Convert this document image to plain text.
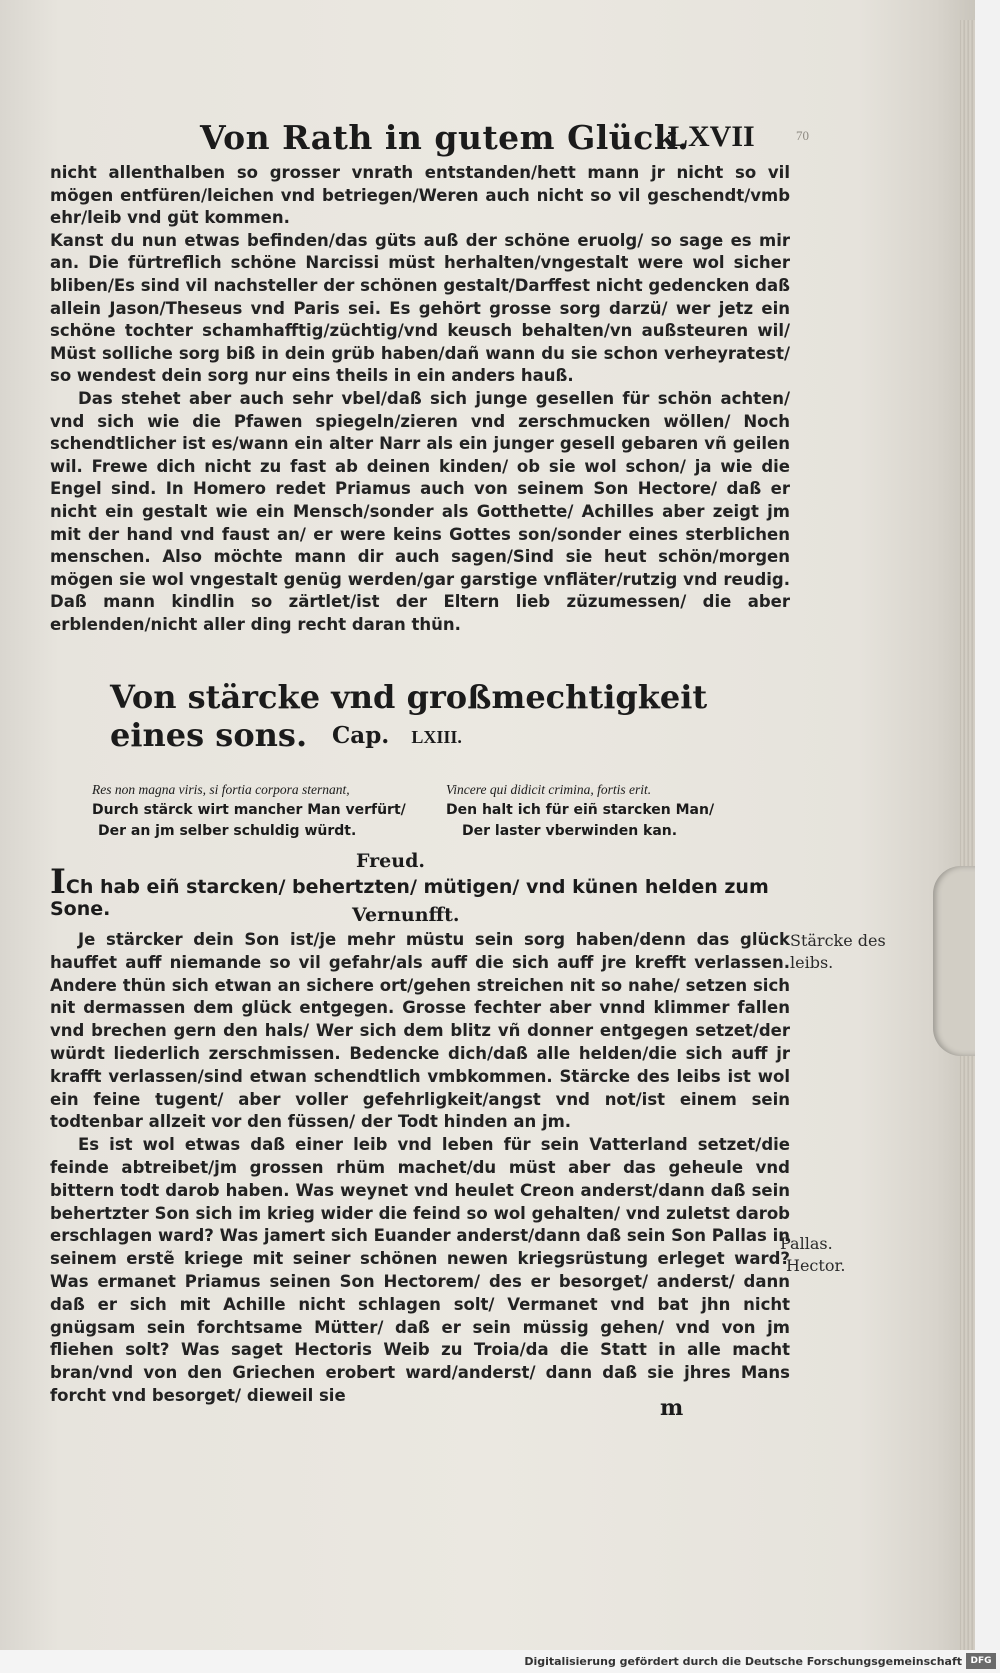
Von Rath in gutem Glück.
LXVII	70

nicht allenthalben so grosser vnrath entstanden/hett mann jr nicht so vil mögen entfüren/leichen vnd betriegen/Weren auch nicht so vil geschendt/vmb ehr/leib vnd güt kommen.

Kanst du nun etwas befinden/das güts auß der schöne eruolg/ so sage es mir an. Die fürtreflich schöne Narcissi müst herhalten/vngestalt were wol sicher bliben/Es sind vil nachsteller der schönen gestalt/Darffest nicht gedencken daß allein Jason/Theseus vnd Paris sei. Es gehört grosse sorg darzü/ wer jetz ein schöne tochter schamhafftig/züchtig/vnd keusch behalten/vn außsteuren wil/ Müst solliche sorg biß in dein grüb haben/dañ wann du sie schon verheyratest/ so wendest dein sorg nur eins theils in ein anders hauß.

Das stehet aber auch sehr vbel/daß sich junge gesellen für schön achten/ vnd sich wie die Pfawen spiegeln/zieren vnd zerschmucken wöllen/ Noch schendtlicher ist es/wann ein alter Narr als ein junger gesell gebaren vñ geilen wil. Frewe dich nicht zu fast ab deinen kinden/ ob sie wol schon/ ja wie die Engel sind. In Homero redet Priamus auch von seinem Son Hectore/ daß er nicht ein gestalt wie ein Mensch/sonder als Gotthette/ Achilles aber zeigt jm mit der hand vnd faust an/ er were keins Gottes son/sonder eines sterblichen menschen. Also möchte mann dir auch sagen/Sind sie heut schön/morgen mögen sie wol vngestalt genüg werden/gar garstige vnfläter/rutzig vnd reudig. Daß mann kindlin so zärtlet/ist der Eltern lieb züzumessen/ die aber erblenden/nicht aller ding recht daran thün.

Von stärcke vnd großmechtigkeit eines sons.	Cap. LXIII.
Res non magna viris, si fortia corpora sternant,
Durch stärck wirt mancher Man verfürt/
Der an jm selber schuldig würdt.
Vincere qui didicit crimina, fortis erit.
Den halt ich für eiñ starcken Man/
Der laster vberwinden kan.
Freud.
ICh hab eiñ starcken/ behertzten/ mütigen/ vnd künen helden zum Sone.	Vernunfft.

Je stärcker dein Son ist/je mehr müstu sein sorg haben/denn das glück hauffet auff niemande so vil gefahr/als auff die sich auff jre krefft verlassen. Andere thün sich etwan an sichere ort/gehen streichen nit so nahe/ setzen sich nit dermassen dem glück entgegen. Grosse fechter aber vnnd klimmer fallen vnd brechen gern den hals/ Wer sich dem blitz vñ donner entgegen setzet/der würdt liederlich zerschmissen. Bedencke dich/daß alle helden/die sich auff jr krafft verlassen/sind etwan schendtlich vmbkommen. Stärcke des leibs ist wol ein feine tugent/ aber voller gefehrligkeit/angst vnd not/ist einem sein todtenbar allzeit vor den füssen/ der Todt hinden an jm.

Es ist wol etwas daß einer leib vnd leben für sein Vatterland setzet/die feinde abtreibet/jm grossen rhüm machet/du müst aber das geheule vnd bittern todt darob haben. Was weynet vnd heulet Creon anderst/dann daß sein behertzter Son sich im krieg wider die feind so wol gehalten/ vnd zuletst darob erschlagen ward? Was jamert sich Euander anderst/dann daß sein Son Pallas in seinem erstẽ kriege mit seiner schönen newen kriegsrüstung erleget ward? Was ermanet Priamus seinen Son Hectorem/ des er besorget/ anderst/ dann daß er sich mit Achille nicht schlagen solt/ Vermanet vnd bat jhn nicht gnügsam sein forchtsame Mütter/ daß er sein müssig gehen/ vnd von jm fliehen solt? Was saget Hectoris Weib zu Troia/da die Statt in alle macht bran/vnd von den Griechen erobert ward/anderst/ dann daß sie jhres Mans forcht vnd besorget/ dieweil sie

Stärcke des
leibs.
Pallas.
Hector.
m
Digitalisierung gefördert durch die Deutsche Forschungsgemeinschaft DFG
